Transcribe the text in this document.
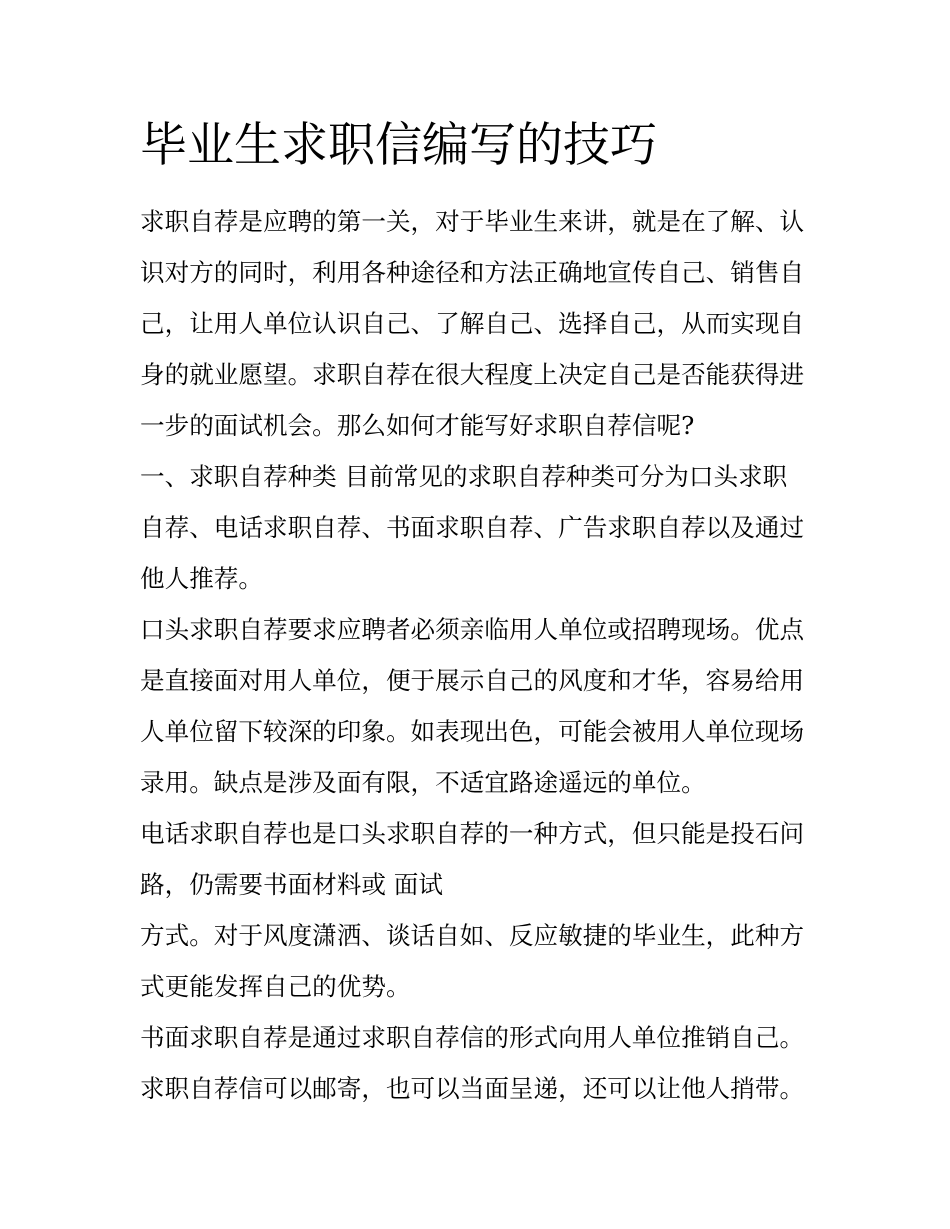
毕业生求职信编写的技巧

求职自荐是应聘的第一关，对于毕业生来讲，就是在了解、认

识对方的同时，利用各种途径和方法正确地宣传自己、销售自

己，让用人单位认识自己、了解自己、选择自己，从而实现自

身的就业愿望。求职自荐在很大程度上决定自己是否能获得进

一步的面试机会。那么如何才能写好求职自荐信呢?

一、求职自荐种类 目前常见的求职自荐种类可分为口头求职

自荐、电话求职自荐、书面求职自荐、广告求职自荐以及通过

他人推荐。

口头求职自荐要求应聘者必须亲临用人单位或招聘现场。优点

是直接面对用人单位，便于展示自己的风度和才华，容易给用

人单位留下较深的印象。如表现出色，可能会被用人单位现场

录用。缺点是涉及面有限，不适宜路途遥远的单位。

电话求职自荐也是口头求职自荐的一种方式，但只能是投石问

路，仍需要书面材料或 面试

方式。对于风度潇洒、谈话自如、反应敏捷的毕业生，此种方

式更能发挥自己的优势。

书面求职自荐是通过求职自荐信的形式向用人单位推销自己。

求职自荐信可以邮寄，也可以当面呈递，还可以让他人捎带。
